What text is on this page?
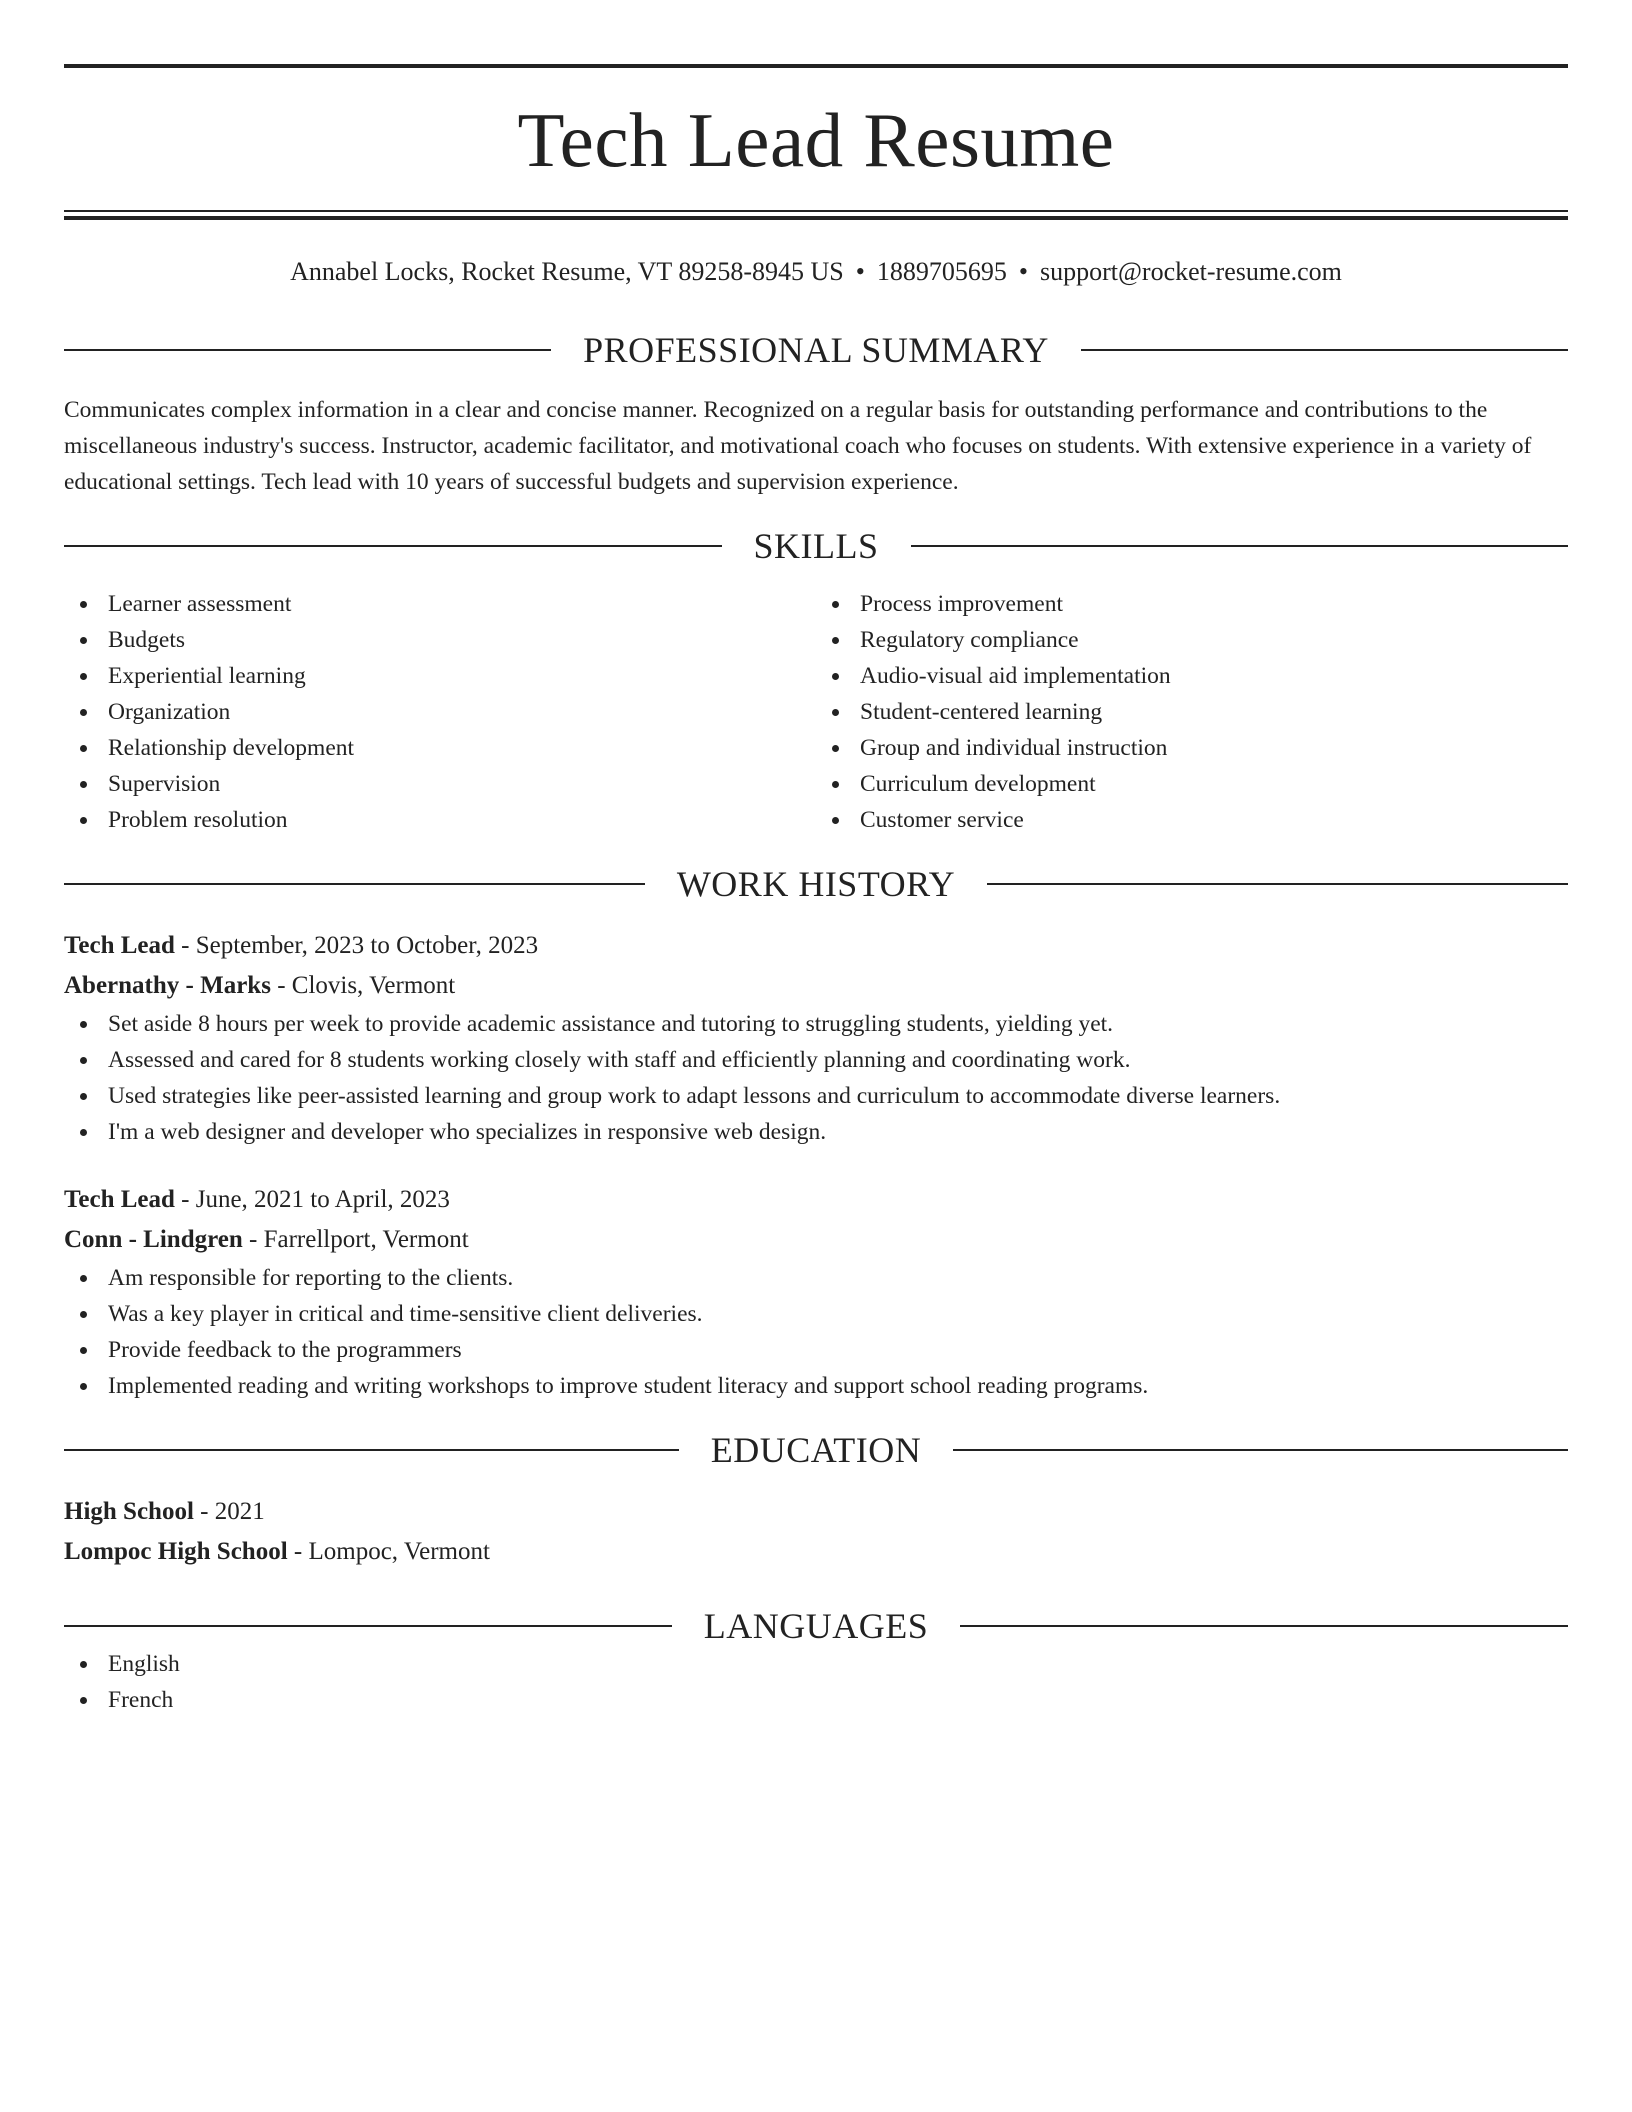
Tech Lead Resume
Annabel Locks, Rocket Resume, VT 89258-8945 US • 1889705695 • support@rocket-resume.com
PROFESSIONAL SUMMARY
Communicates complex information in a clear and concise manner. Recognized on a regular basis for outstanding performance and contributions to the miscellaneous industry's success. Instructor, academic facilitator, and motivational coach who focuses on students. With extensive experience in a variety of educational settings. Tech lead with 10 years of successful budgets and supervision experience.
SKILLS
Learner assessment
Budgets
Experiential learning
Organization
Relationship development
Supervision
Problem resolution
Process improvement
Regulatory compliance
Audio-visual aid implementation
Student-centered learning
Group and individual instruction
Curriculum development
Customer service
WORK HISTORY
Tech Lead - September, 2023 to October, 2023
Abernathy - Marks - Clovis, Vermont
Set aside 8 hours per week to provide academic assistance and tutoring to struggling students, yielding yet.
Assessed and cared for 8 students working closely with staff and efficiently planning and coordinating work.
Used strategies like peer-assisted learning and group work to adapt lessons and curriculum to accommodate diverse learners.
I'm a web designer and developer who specializes in responsive web design.
Tech Lead - June, 2021 to April, 2023
Conn - Lindgren - Farrellport, Vermont
Am responsible for reporting to the clients.
Was a key player in critical and time-sensitive client deliveries.
Provide feedback to the programmers
Implemented reading and writing workshops to improve student literacy and support school reading programs.
EDUCATION
High School - 2021
Lompoc High School - Lompoc, Vermont
LANGUAGES
English
French
